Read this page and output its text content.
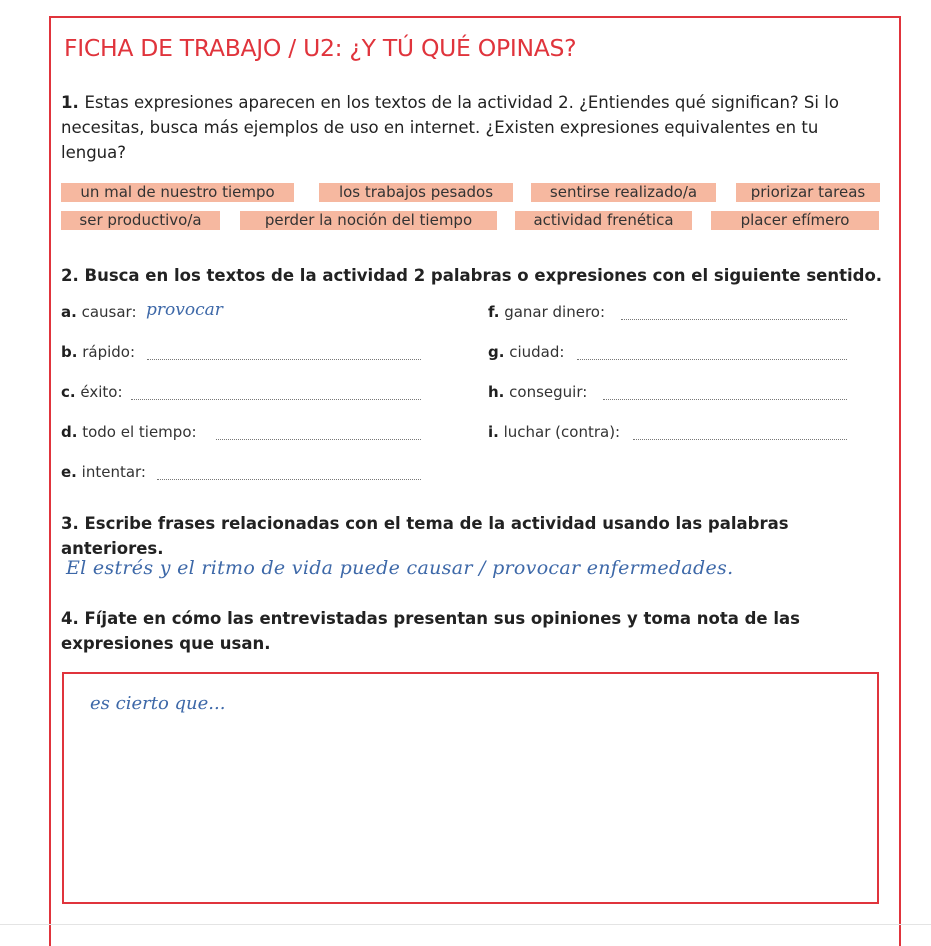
FICHA DE TRABAJO / U2: ¿Y TÚ QUÉ OPINAS?
1. Estas expresiones aparecen en los textos de la actividad 2. ¿Entiendes qué significan? Si lo necesitas, busca más ejemplos de uso en internet. ¿Existen expresiones equivalentes en tu lengua?
un mal de nuestro tiempo	los trabajos pesados	sentirse realizado/a	priorizar tareas
ser productivo/a	perder la noción del tiempo	actividad frenética	placer efímero
2. Busca en los textos de la actividad 2 palabras o expresiones con el siguiente sentido.
a. causar: provocar
b. rápido:
c. éxito:
d. todo el tiempo:
e. intentar:
f. ganar dinero:
g. ciudad:
h. conseguir:
i. luchar (contra):
3. Escribe frases relacionadas con el tema de la actividad usando las palabras anteriores.
El estrés y el ritmo de vida puede causar / provocar enfermedades.
4. Fíjate en cómo las entrevistadas presentan sus opiniones y toma nota de las expresiones que usan.
es cierto que...
